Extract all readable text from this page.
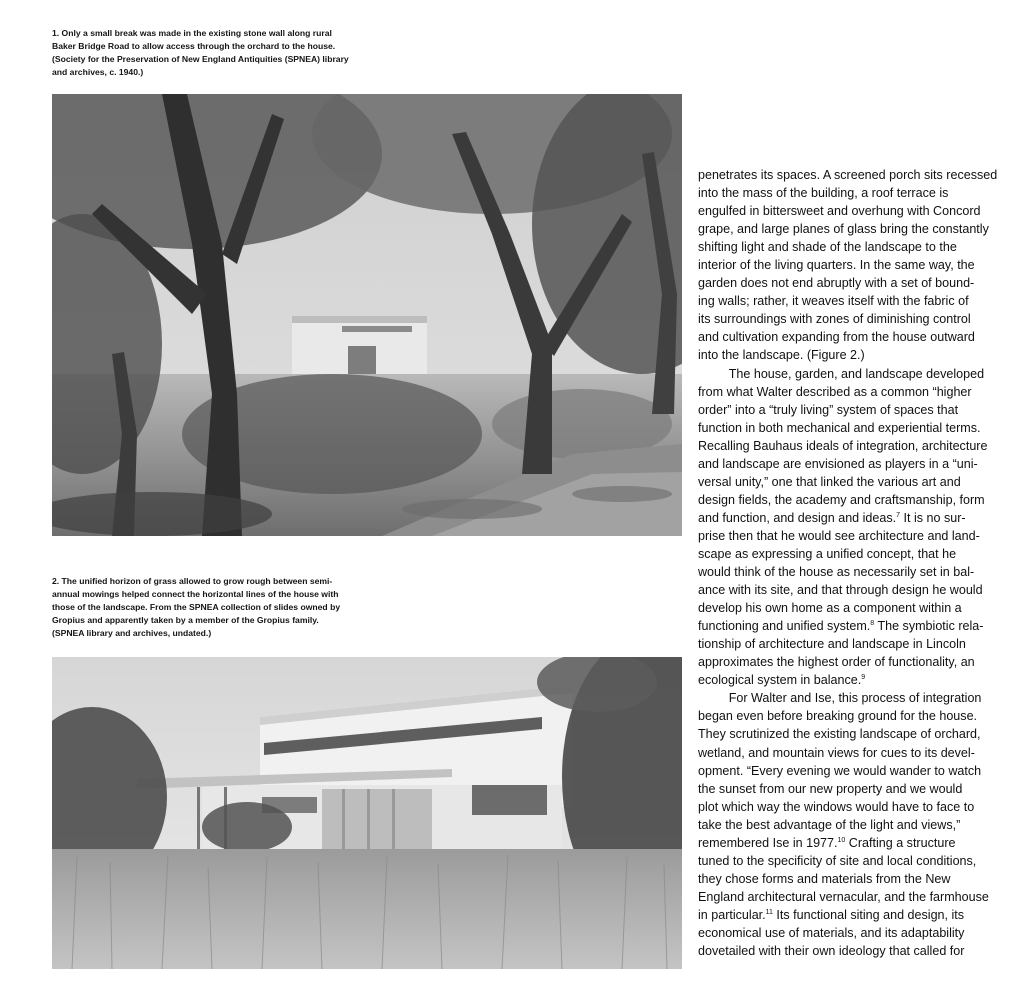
1. Only a small break was made in the existing stone wall along rural

Baker Bridge Road to allow access through the orchard to the house.

(Society for the Preservation of New England Antiquities (SPNEA) library

and archives, c. 1940.)

2. The unified horizon of grass allowed to grow rough between semi-

annual mowings helped connect the horizontal lines of the house with

those of the landscape. From the SPNEA collection of slides owned by

Gropius and apparently taken by a member of the Gropius family.

(SPNEA library and archives, undated.)

penetrates its spaces. A screened porch sits recessed
into the mass of the building, a roof terrace is
engulfed in bittersweet and overhung with Concord
grape, and large planes of glass bring the constantly
shifting light and shade of the landscape to the
interior of the living quarters. In the same way, the
garden does not end abruptly with a set of bound-
ing walls; rather, it weaves itself with the fabric of
its surroundings with zones of diminishing control
and cultivation expanding from the house outward
into the landscape. (Figure 2.)

The house, garden, and landscape developed
from what Walter described as a common “higher
order” into a “truly living” system of spaces that
function in both mechanical and experiential terms.
Recalling Bauhaus ideals of integration, architecture
and landscape are envisioned as players in a “uni-
versal unity,” one that linked the various art and
design fields, the academy and craftsmanship, form
and function, and design and ideas.$^7$ It is no sur-
prise then that he would see architecture and land-
scape as expressing a unified concept, that he
would think of the house as necessarily set in bal-
ance with its site, and that through design he would
develop his own home as a component within a
functioning and unified system.$^8$ The symbiotic rela-
tionship of architecture and landscape in Lincoln
approximates the highest order of functionality, an
ecological system in balance.$^9$

For Walter and Ise, this process of integration
began even before breaking ground for the house.
They scrutinized the existing landscape of orchard,
wetland, and mountain views for cues to its devel-
opment. “Every evening we would wander to watch
the sunset from our new property and we would
plot which way the windows would have to face to
take the best advantage of the light and views,”
remembered Ise in 1977.10 Crafting a structure
tuned to the specificity of site and local conditions,
they chose forms and materials from the New
England architectural vernacular, and the farmhouse
in particular.$^{11}$ Its functional siting and design, its
economical use of materials, and its adaptability
dovetailed with their own ideology that called for
